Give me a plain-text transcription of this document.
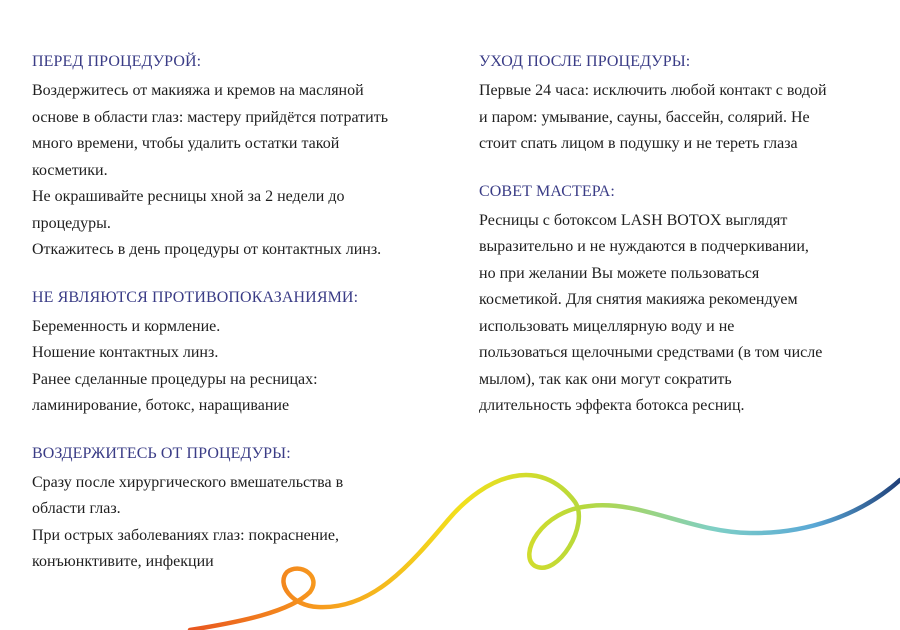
ПЕРЕД ПРОЦЕДУРОЙ:
Воздержитесь от макияжа и кремов на масляной
основе в области глаз: мастеру прийдётся потратить
много времени, чтобы удалить остатки такой
косметики.
Не окрашивайте ресницы хной за 2 недели до
процедуры.
Откажитесь в день процедуры от контактных линз.
НЕ ЯВЛЯЮТСЯ ПРОТИВОПОКАЗАНИЯМИ:
Беременность и кормление.
Ношение контактных линз.
Ранее сделанные процедуры на ресницах:
ламинирование, ботокс, наращивание
ВОЗДЕРЖИТЕСЬ ОТ ПРОЦЕДУРЫ:
Сразу после хирургического вмешательства в
области глаз.
При острых заболеваниях глаз: покраснение,
конъюнктивите, инфекции
УХОД ПОСЛЕ ПРОЦЕДУРЫ:
Первые 24 часа: исключить любой контакт с водой
и паром: умывание, сауны, бассейн, солярий. Не
стоит спать лицом в подушку и не тереть глаза
СОВЕТ МАСТЕРА:
Ресницы с ботоксом LASH BOTOX выглядят
выразительно и не нуждаются в подчеркивании,
но при желании Вы можете пользоваться
косметикой. Для снятия макияжа рекомендуем
использовать мицеллярную воду и не
пользоваться щелочными средствами (в том числе
мылом), так как они могут сократить
длительность эффекта ботокса ресниц.
